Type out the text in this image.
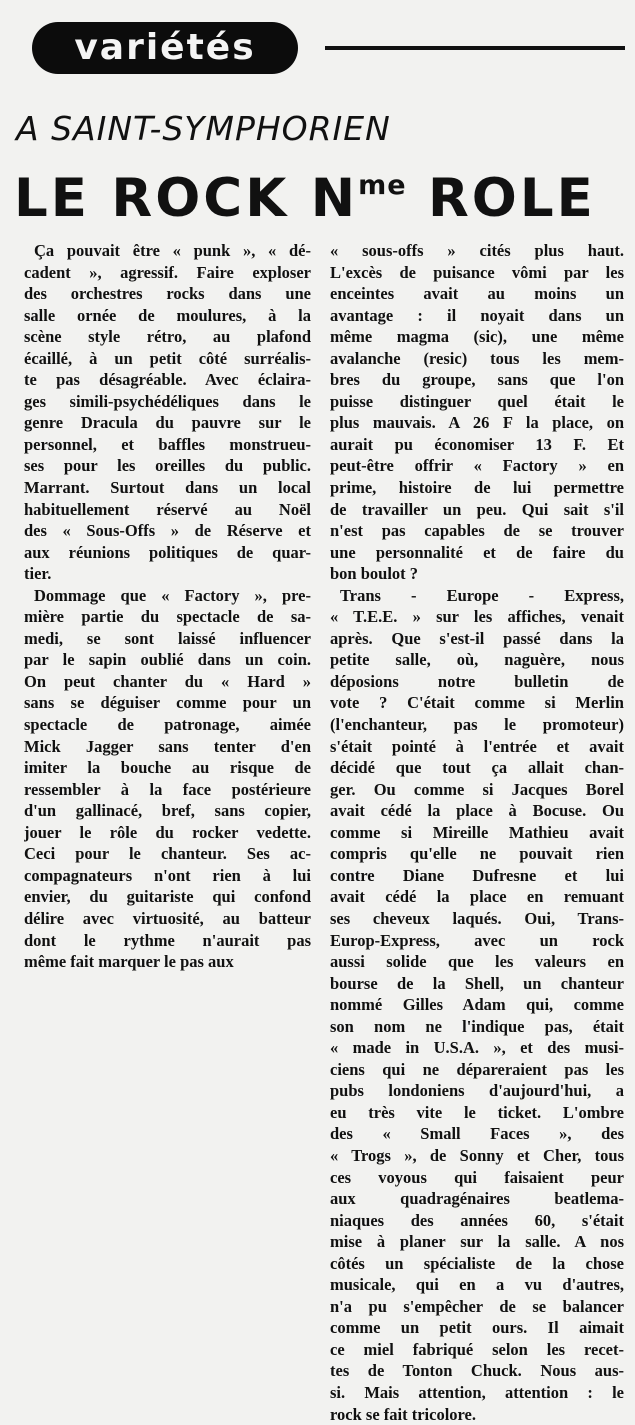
variétés
A SAINT-SYMPHORIEN
LE ROCK $N^{me}$ ROLE
Ça pouvait être « punk », « dé-
cadent », agressif. Faire exploser
des orchestres rocks dans une
salle ornée de moulures, à la
scène style rétro, au plafond
écaillé, à un petit côté surréalis-
te pas désagréable. Avec éclaira-
ges simili-psychédéliques dans le
genre Dracula du pauvre sur le
personnel, et baffles monstrueu-
ses pour les oreilles du public.
Marrant. Surtout dans un local
habituellement réservé au Noël
des « Sous-Offs » de Réserve et
aux réunions politiques de quar-
tier.
Dommage que « Factory », pre-
mière partie du spectacle de sa-
medi, se sont laissé influencer
par le sapin oublié dans un coin.
On peut chanter du « Hard »
sans se déguiser comme pour un
spectacle de patronage, aimée
Mick Jagger sans tenter d'en
imiter la bouche au risque de
ressembler à la face postérieure
d'un gallinacé, bref, sans copier,
jouer le rôle du rocker vedette.
Ceci pour le chanteur. Ses ac-
compagnateurs n'ont rien à lui
envier, du guitariste qui confond
délire avec virtuosité, au batteur
dont le rythme n'aurait pas
même fait marquer le pas aux
« sous-offs » cités plus haut.
L'excès de puisance vômi par les
enceintes avait au moins un
avantage : il noyait dans un
même magma (sic), une même
avalanche (resic) tous les mem-
bres du groupe, sans que l'on
puisse distinguer quel était le
plus mauvais. A 26 F la place, on
aurait pu économiser 13 F. Et
peut-être offrir « Factory » en
prime, histoire de lui permettre
de travailler un peu. Qui sait s'il
n'est pas capables de se trouver
une personnalité et de faire du
bon boulot ?
Trans - Europe - Express,
« T.E.E. » sur les affiches, venait
après. Que s'est-il passé dans la
petite salle, où, naguère, nous
déposions notre bulletin de
vote ? C'était comme si Merlin
(l'enchanteur, pas le promoteur)
s'était pointé à l'entrée et avait
décidé que tout ça allait chan-
ger. Ou comme si Jacques Borel
avait cédé la place à Bocuse. Ou
comme si Mireille Mathieu avait
compris qu'elle ne pouvait rien
contre Diane Dufresne et lui
avait cédé la place en remuant
ses cheveux laqués. Oui, Trans-
Europ-Express, avec un rock
aussi solide que les valeurs en
bourse de la Shell, un chanteur
nommé Gilles Adam qui, comme
son nom ne l'indique pas, était
« made in U.S.A. », et des musi-
ciens qui ne dépareraient pas les
pubs londoniens d'aujourd'hui, a
eu très vite le ticket. L'ombre
des « Small Faces », des
« Trogs », de Sonny et Cher, tous
ces voyous qui faisaient peur
aux quadragénaires beatlema-
niaques des années 60, s'était
mise à planer sur la salle. A nos
côtés un spécialiste de la chose
musicale, qui en a vu d'autres,
n'a pu s'empêcher de se balancer
comme un petit ours. Il aimait
ce miel fabriqué selon les recet-
tes de Tonton Chuck. Nous aus-
si. Mais attention, attention : le
rock se fait tricolore.
